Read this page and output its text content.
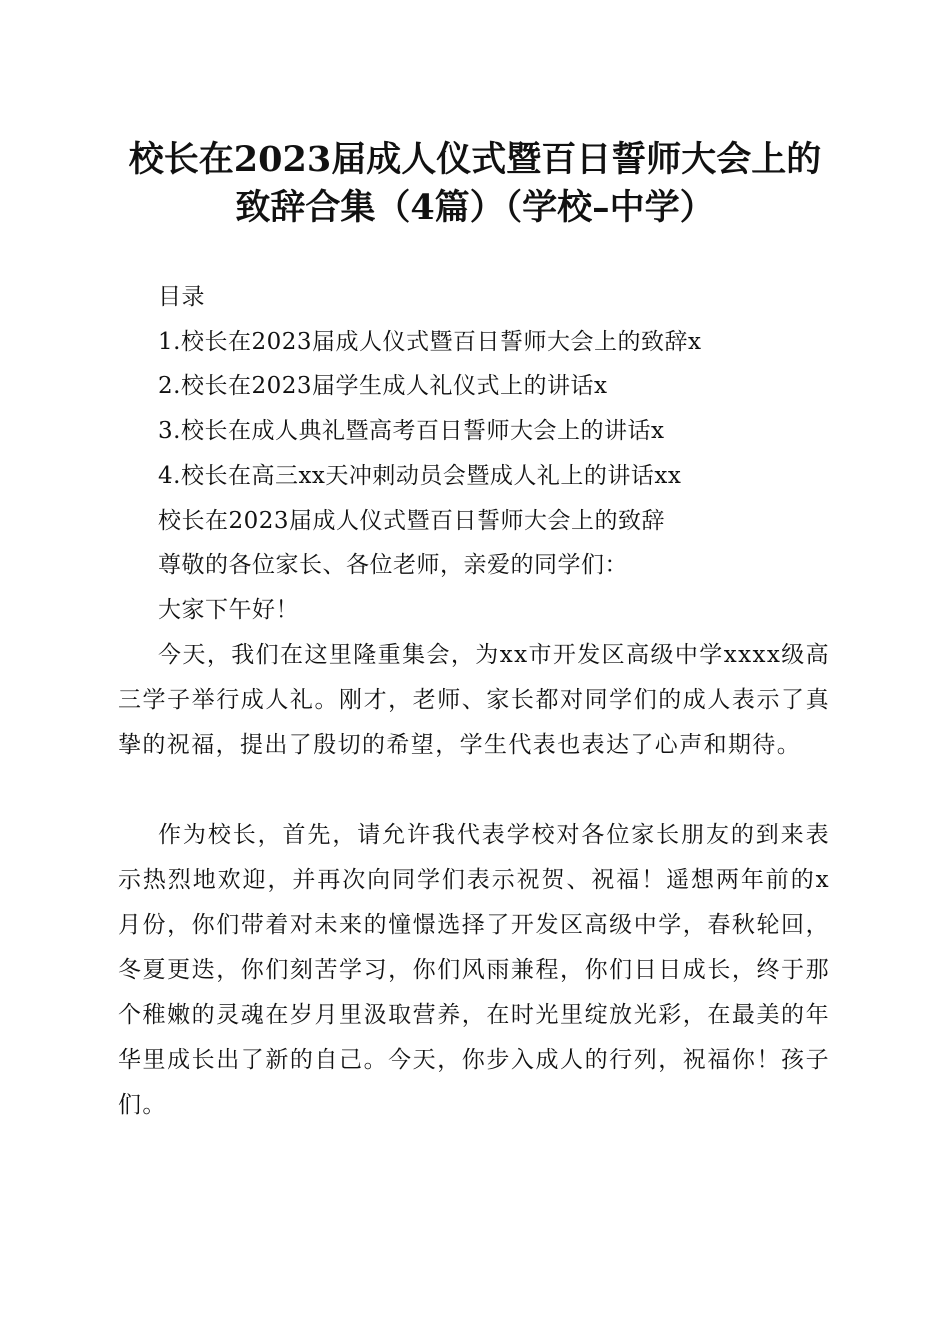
校长在2023届成人仪式暨百日誓师大会上的
致辞合集（4篇）（学校–中学）
目录
1.校长在2023届成人仪式暨百日誓师大会上的致辞x
2.校长在2023届学生成人礼仪式上的讲话x
3.校长在成人典礼暨高考百日誓师大会上的讲话x
4.校长在高三xx天冲刺动员会暨成人礼上的讲话xx
校长在2023届成人仪式暨百日誓师大会上的致辞
尊敬的各位家长、各位老师，亲爱的同学们：
大家下午好！
今天，我们在这里隆重集会，为xx市开发区高级中学xxxx级高三学子举行成人礼。刚才，老师、家长都对同学们的成人表示了真挚的祝福，提出了殷切的希望，学生代表也表达了心声和期待。
作为校长，首先，请允许我代表学校对各位家长朋友的到来表示热烈地欢迎，并再次向同学们表示祝贺、祝福！遥想两年前的x月份，你们带着对未来的憧憬选择了开发区高级中学，春秋轮回，冬夏更迭，你们刻苦学习，你们风雨兼程，你们日日成长，终于那个稚嫩的灵魂在岁月里汲取营养，在时光里绽放光彩，在最美的年华里成长出了新的自己。今天，你步入成人的行列，祝福你！孩子们。
